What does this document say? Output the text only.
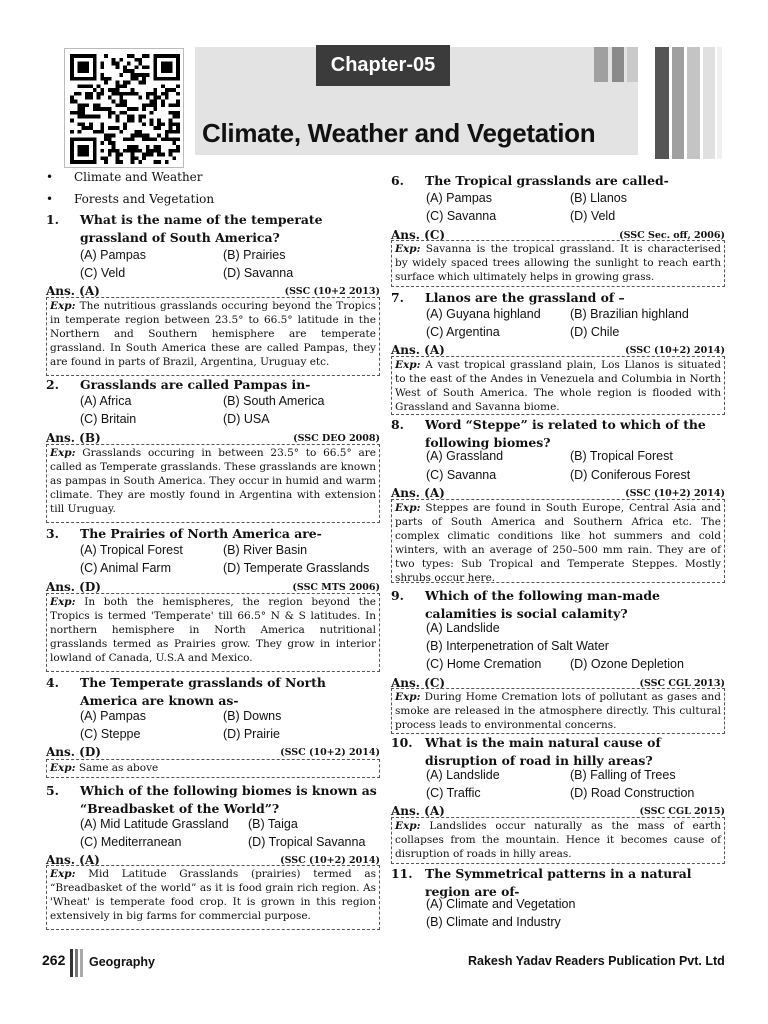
Chapter-05
Climate, Weather and Vegetation
• Climate and Weather
• Forests and Vegetation
1. What is the name of the temperate grassland of South America?
(A) Pampas	(B) Prairies
(C) Veld	(D) Savanna
Ans. (A)	(SSC (10+2 2013)
Exp: The nutritious grasslands occuring beyond the Tropics in temperate region between 23.5° to 66.5° latitude in the Northern and Southern hemisphere are temperate grassland. In South America these are called Pampas, they are found in parts of Brazil, Argentina, Uruguay etc.
2. Grasslands are called Pampas in-
(A) Africa	(B) South America
(C) Britain	(D) USA
Ans. (B)	(SSC DEO 2008)
Exp: Grasslands occuring in between 23.5° to 66.5° are called as Temperate grasslands. These grasslands are known as pampas in South America. They occur in humid and warm climate. They are mostly found in Argentina with extension till Uruguay.
3. The Prairies of North America are-
(A) Tropical Forest	(B) River Basin
(C) Animal Farm	(D) Temperate Grasslands
Ans. (D)	(SSC MTS 2006)
Exp: In both the hemispheres, the region beyond the Tropics is termed 'Temperate' till 66.5° N & S latitudes. In northern hemisphere in North America nutritional grasslands termed as Prairies grow. They grow in interior lowland of Canada, U.S.A and Mexico.
4. The Temperate grasslands of North America are known as-
(A) Pampas	(B) Downs
(C) Steppe	(D) Prairie
Ans. (D)	(SSC (10+2) 2014)
Exp: Same as above
5. Which of the following biomes is known as “Breadbasket of the World”?
(A) Mid Latitude Grassland (B) Taiga
(C) Mediterranean	(D) Tropical Savanna
Ans. (A)	(SSC (10+2) 2014)
Exp: Mid Latitude Grasslands (prairies) termed as “Breadbasket of the world” as it is food grain rich region. As 'Wheat' is temperate food crop. It is grown in this region extensively in big farms for commercial purpose.
6. The Tropical grasslands are called-
(A) Pampas	(B) Llanos
(C) Savanna	(D) Veld
Ans. (C)	(SSC Sec. off, 2006)
Exp: Savanna is the tropical grassland. It is characterised by widely spaced trees allowing the sunlight to reach earth surface which ultimately helps in growing grass.
7. Llanos are the grassland of –
(A) Guyana highland (B) Brazilian highland
(C) Argentina	(D) Chile
Ans. (A)	(SSC (10+2) 2014)
Exp: A vast tropical grassland plain, Los Llanos is situated to the east of the Andes in Venezuela and Columbia in North West of South America. The whole region is flooded with Grassland and Savanna biome.
8. Word “Steppe” is related to which of the following biomes?
(A) Grassland	(B) Tropical Forest
(C) Savanna	(D) Coniferous Forest
Ans. (A)	(SSC (10+2) 2014)
Exp: Steppes are found in South Europe, Central Asia and parts of South America and Southern Africa etc. The complex climatic conditions like hot summers and cold winters, with an average of 250–500 mm rain. They are of two types: Sub Tropical and Temperate Steppes. Mostly shrubs occur here.
9. Which of the following man-made calamities is social calamity?
(A) Landslide
(B) Interpenetration of Salt Water
(C) Home Cremation (D) Ozone Depletion
Ans. (C)	(SSC CGL 2013)
Exp: During Home Cremation lots of pollutant as gases and smoke are released in the atmosphere directly. This cultural process leads to environmental concerns.
10. What is the main natural cause of disruption of road in hilly areas?
(A) Landslide	(B) Falling of Trees
(C) Traffic	(D) Road Construction
Ans. (A)	(SSC CGL 2015)
Exp: Landslides occur naturally as the mass of earth collapses from the mountain. Hence it becomes cause of disruption of roads in hilly areas.
11. The Symmetrical patterns in a natural region are of-
(A) Climate and Vegetation
(B) Climate and Industry
262 Geography	Rakesh Yadav Readers Publication Pvt. Ltd
